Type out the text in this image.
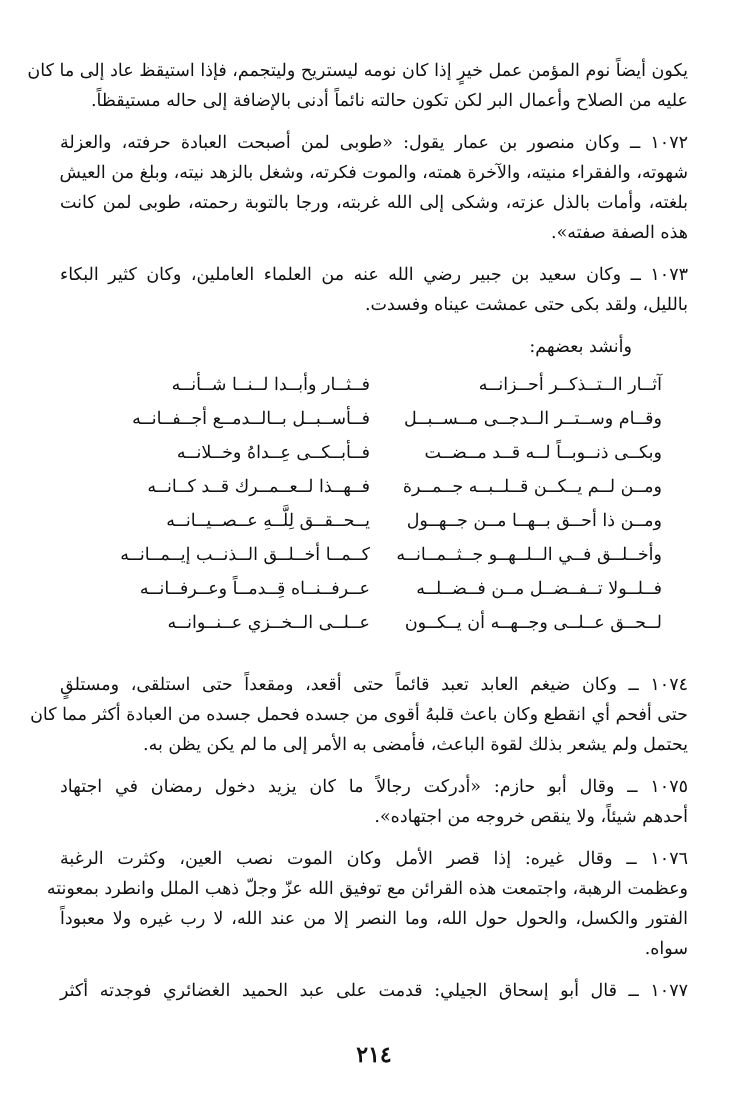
يكون أيضاً نوم المؤمن عمل خيرٍ إذا كان نومه ليستريح وليتجمم، فإذا استيقظ عاد إلى ما كان
عليه من الصلاح وأعمال البر لكن تكون حالته نائماً أدنى بالإضافة إلى حاله مستيقظاً.
١٠٧٢ ــ وكان منصور بن عمار يقول: «طوبى لمن أصبحت العبادة حرفته، والعزلة
شهوته، والفقراء منيته، والآخرة همته، والموت فكرته، وشغل بالزهد نيته، وبلغ من العيش
بلغته، وأمات بالذل عزته، وشكى إلى الله غربته، ورجا بالتوبة رحمته، طوبى لمن كانت
هذه الصفة صفته».
١٠٧٣ ــ وكان سعيد بن جبير رضي الله عنه من العلماء العاملين، وكان كثير البكاء
بالليل، ولقد بكى حتى عمشت عيناه وفسدت.
وأنشد بعضهم:
آثــار الــتــذكــر أحــزانــه
فــثــار وأبــدا لــنــا شــأنــه
وقــام وســتــر الــدجــى مــســبــل
فــأســبــل بــالــدمــع أجــفــانــه
وبكــى ذنــوبــاً لــه قــد مــضــت
فــأبــكــى عِــداهُ وخــلانــه
ومــن لــم يــكــن قــلــبــه جــمــرة
فــهــذا لــعــمــرك قــد كــانــه
ومــن ذا أحــق بــهــا مــن جــهــول
يــحــقــق لِلَّــهِ عــصــيــانــه
وأخــلــق فــي الــلــهــو جــثــمــانــه
كــمــا أخــلــق الــذنــب إيــمــانــه
فــلــولا تــفــضــل مــن فــضــلــه
عــرفــنــاه قِــدمــاً وعــرفــانــه
لــحــق عــلــى وجــهــه أن يــكــون
عــلــى الــخــزي عــنــوانــه
١٠٧٤ ــ وكان ضيغم العابد تعبد قائماً حتى أقعد، ومقعداً حتى استلقى، ومستلقٍ
حتى أفحم أي انقطع وكان باعث قلبهُ أقوى من جسده فحمل جسده من العبادة أكثر مما كان
يحتمل ولم يشعر بذلك لقوة الباعث، فأمضى به الأمر إلى ما لم يكن يظن به.
١٠٧٥ ــ وقال أبو حازم: «أدركت رجالاً ما كان يزيد دخول رمضان في اجتهاد
أحدهم شيئاً، ولا ينقص خروجه من اجتهاده».
١٠٧٦ ــ وقال غيره: إذا قصر الأمل وكان الموت نصب العين، وكثرت الرغبة
وعظمت الرهبة، واجتمعت هذه القرائن مع توفيق الله عزّ وجلّ ذهب الملل وانطرد بمعونته
الفتور والكسل، والحول حول الله، وما النصر إلا من عند الله، لا رب غيره ولا معبوداً
سواه.
١٠٧٧ ــ قال أبو إسحاق الجيلي: قدمت على عبد الحميد الغضائري فوجدته أكثر
٢١٤
